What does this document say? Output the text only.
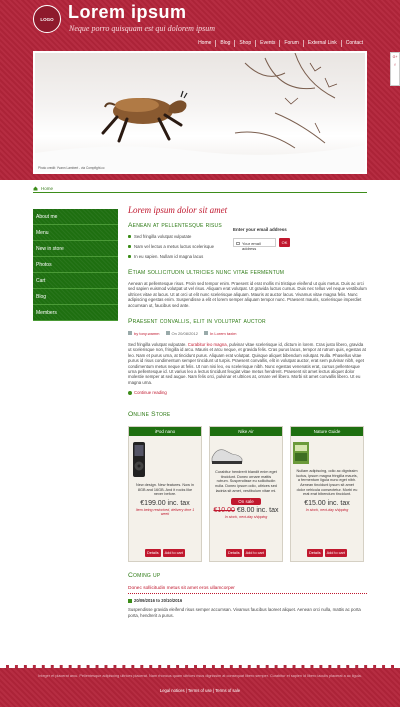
LOGO Lorem ipsum
Neque porro quisquam est qui dolorem ipsum
Home	Blog	Shop	Events	Forum	External Link	Contact
Photo credit: Yvann Lambert - via Compfight.cc
G+
f
Home
About me
Menu
New in store
Photos
Cart
Blog
Members
Enter your email address
Your email address
OK
Lorem ipsum dolor sit amet
Aenean at pellentesque risus
Sed fringilla volutpat vulputate
Nam vel lectus a metus luctus scelerisque
In eu sapien. Nullam id magna lacus
Etiam sollicitudin ultricies nunc vitae fermentum

Aenean at pellentesque risus. Proin sed tempor enim. Praesent id erat mollis mi tristique eleifend ut quis metus. Duis ac orci sed sapien euismod volutpat ut vel risus. Aliquam erat volutpat. Ut gravida luctus cursus. Duis nec tellus vel neque vestibulum ultrices vitae at lacus. Ut at orci ut elit nunc scelerisque aliquam. Mauris at auctor lacus. Vivamus vitae magna felis. Nunc adipiscing egestas enim. Suspendisse a elit et lorem semper aliquam tempor nunc. Praesent mauris, scelerisque imperdiet accumsan ut, faucibus sed ante.

Praesent convallis, elit in volutpat auctor
by tony.wamm	On 20/08/2012	In Lorem taxim

Sed fringilla volutpat vulputate. Curabitur leo magna, pulvinar vitae scelerisque id, dictum in lorem. Cras justo libero, gravida ut scelerisque non, fringilla id arcu. Mauris et arcu neque, et gravida felis. Cras purus lacus, tempor at rutrum quis, egestas at leo. Nam et purus urna, at tincidunt purus. Aliquam erat volutpat. Quisque aliquet bibendum volutpat. Nulla. Phasellus vitae purus id risus condimentum semper tincidunt ut turpis. Praesent convallis, elit in volutpat auctor, erat sem pulvinar nibh, eget condimentum metus neque at felis. Ut non nisi leo, eu scelerisque nibh. Nunc egestas venenatis erat, cursus pellentesque urna pellentesque id. Ut varius leo a lectus tincidunt feugiat vitae metus hendrerit. Praesent sit amet lectus aliquet dolor molestie semper at sed augue. Nam felis orci, pulvinar et ultrices at, ornare vel libero. Morbi sit amet convallis libero. Ut eu magna urna.

Continue reading
Online Store
iPod nano
New design. New features. Now in 8GB and 16GB. And it rocks like never before.
€199.00 inc. tax
Item being restocked, delivery time 1 week
Details	Add to cart
Nike Air
Curabitur hendrerit blandit enim eget tincidunt. Donec ornare mattis rutrum. Suspendisse eu sollicitudin nulla. Donec ipsum odio, ultrices sed lacinia sit amet, vestibulum vitae mi.
On sale
€10.00 €8.00 inc. tax
In stock, next-day shipping
Details	Add to cart
Nature Guide
Nullam adipiscing, odio ac dignissim luctus, ipsum magna fringilla mauris, a fermentum ligula nunc eget nibh. Aenean tincidunt ipsum sit amet dolor vehicula consectetur. Morbi eu erat erat bibendum tincidunt.
€15.00 inc. tax
In stock, next-day shipping
Details	Add to cart
Coming up
Donec sollicitudin metus sit amet eros ullamcorper
20/09/2016 to 20/10/2016

Suspendisse gravida eleifend risus semper accumsan. Vivamus faucibus laoreet aliquet. Aenean orci nulla, mattis ac porta porta, hendrerit a purus.

Integer et placerat arcu. Pellentesque adipiscing ultrices placerat. Nam rhoncus quam ultrices risus dignissim at consequat libero semper. Curabitur et sapien id libero iaculis placerat a ac ligula.
Legal notices | Terms of use | Terms of sale
